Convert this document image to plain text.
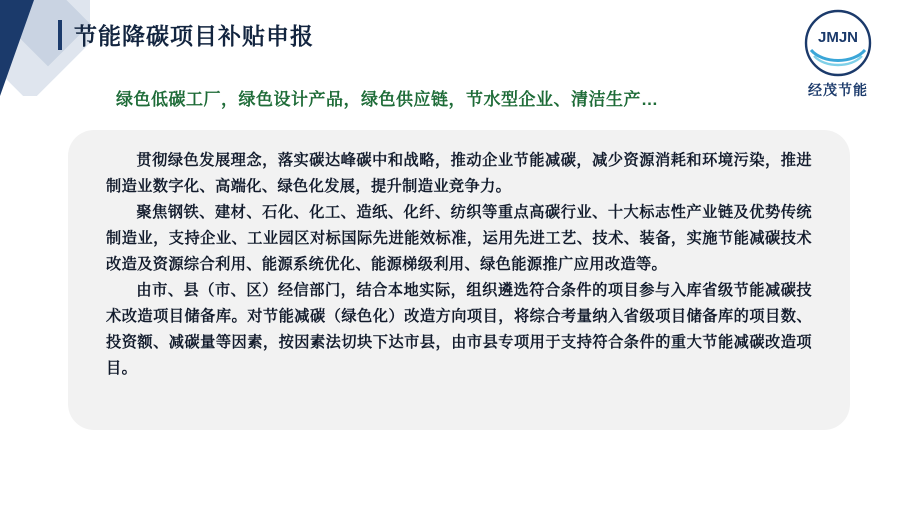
节能降碳项目补贴申报	JMJN
经茂节能
绿色低碳工厂，绿色设计产品，绿色供应链，节水型企业、清洁生产…

贯彻绿色发展理念，落实碳达峰碳中和战略，推动企业节能减碳，减少资源消耗和环境污染，推进制造业数字化、高端化、绿色化发展，提升制造业竞争力。

聚焦钢铁、建材、石化、化工、造纸、化纤、纺织等重点高碳行业、十大标志性产业链及优势传统制造业，支持企业、工业园区对标国际先进能效标准，运用先进工艺、技术、装备，实施节能减碳技术改造及资源综合利用、能源系统优化、能源梯级利用、绿色能源推广应用改造等。

由市、县（市、区）经信部门，结合本地实际，组织遴选符合条件的项目参与入库省级节能减碳技术改造项目储备库。对节能减碳（绿色化）改造方向项目，将综合考量纳入省级项目储备库的项目数、投资额、减碳量等因素，按因素法切块下达市县，由市县专项用于支持符合条件的重大节能减碳改造项目。
